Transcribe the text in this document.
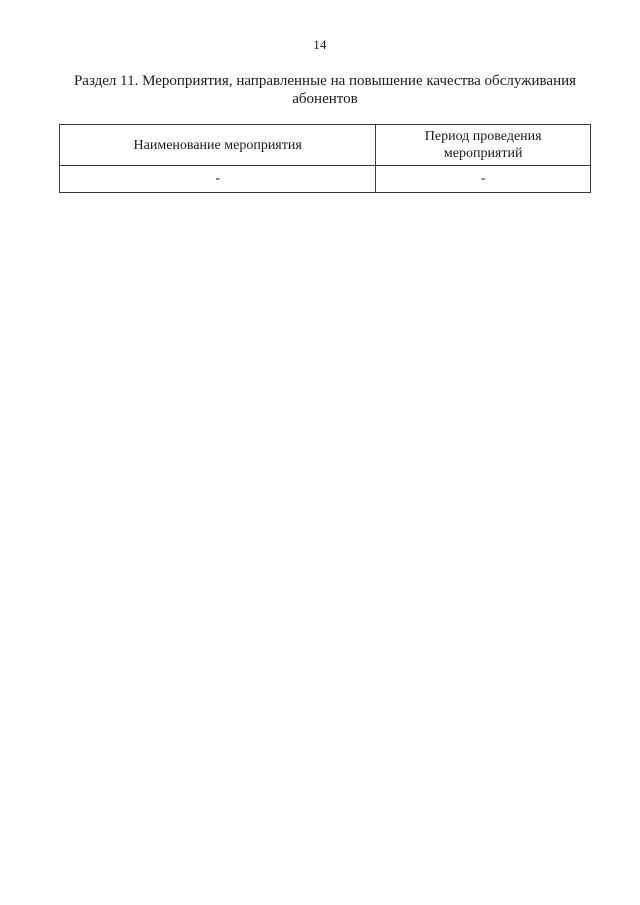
14
Раздел 11. Мероприятия, направленные на повышение качества обслуживания
абонентов
Наименование мероприятия	Период проведения
мероприятий

-	-
